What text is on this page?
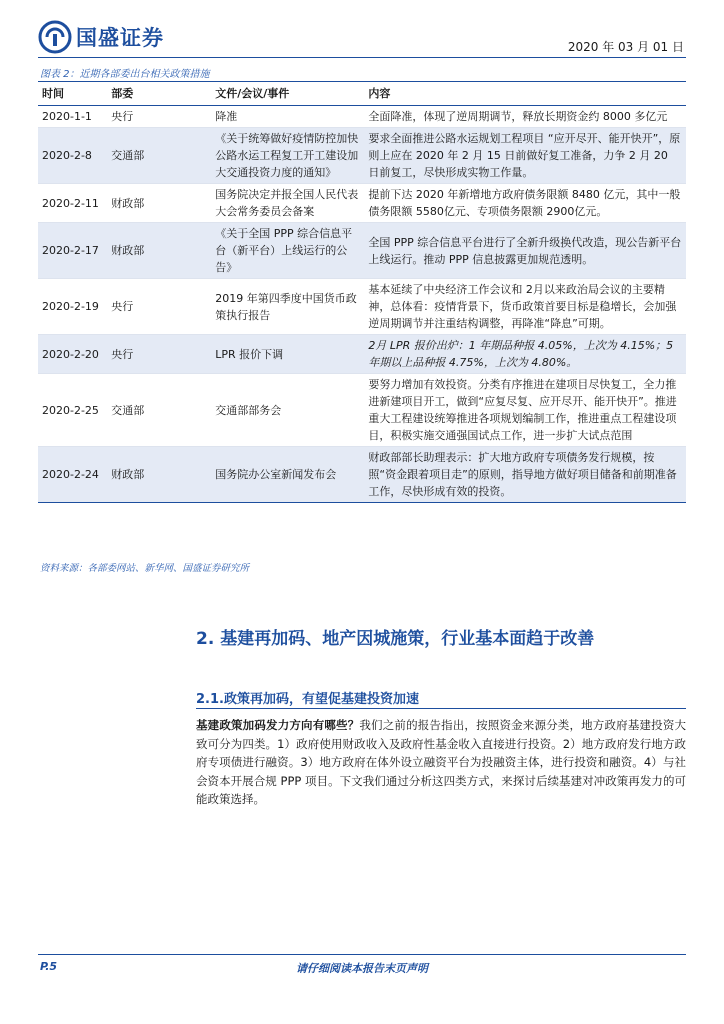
国盛证券	2020 年 03 月 01 日
图表 2：近期各部委出台相关政策措施
时间	部委	文件/会议/事件	内容
2020-1-1	央行	降准	全面降准，体现了逆周期调节，释放长期资金约 8000 多亿元
2020-2-8	交通部	《关于统筹做好疫情防控加快公路水运工程复工开工建设加大交通投资力度的通知》	要求全面推进公路水运规划工程项目 “应开尽开、能开快开”，原则上应在 2020 年 2 月 15 日前做好复工准备，力争 2 月 20 日前复工，尽快形成实物工作量。
2020-2-11	财政部	国务院决定并报全国人民代表大会常务委员会备案	提前下达 2020 年新增地方政府债务限额 8480 亿元，其中一般债务限额 5580亿元、专项债务限额 2900亿元。
2020-2-17	财政部	《关于全国 PPP 综合信息平台（新平台）上线运行的公告》	全国 PPP 综合信息平台进行了全新升级换代改造，现公告新平台上线运行。推动 PPP 信息披露更加规范透明。
2020-2-19	央行	2019 年第四季度中国货币政策执行报告	基本延续了中央经济工作会议和 2月以来政治局会议的主要精神，总体看：疫情背景下，货币政策首要目标是稳增长，会加强逆周期调节并注重结构调整，再降准“降息”可期。
2020-2-20	央行	LPR 报价下调	2月 LPR 报价出炉：1 年期品种报 4.05%，上次为 4.15%；5 年期以上品种报 4.75%，上次为 4.80%。
2020-2-25	交通部	交通部部务会	要努力增加有效投资。分类有序推进在建项目尽快复工，全力推进新建项目开工，做到“应复尽复、应开尽开、能开快开”。推进重大工程建设统筹推进各项规划编制工作，推进重点工程建设项目，积极实施交通强国试点工作，进一步扩大试点范围
2020-2-24	财政部	国务院办公室新闻发布会	财政部部长助理表示：扩大地方政府专项债务发行规模，按照“资金跟着项目走”的原则，指导地方做好项目储备和前期准备工作，尽快形成有效的投资。
资料来源：各部委网站、新华网、国盛证券研究所
2. 基建再加码、地产因城施策，行业基本面趋于改善
2.1.政策再加码，有望促基建投资加速
基建政策加码发力方向有哪些？我们之前的报告指出，按照资金来源分类，地方政府基建投资大致可分为四类。1）政府使用财政收入及政府性基金收入直接进行投资。2）地方政府发行地方政府专项债进行融资。3）地方政府在体外设立融资平台为投融资主体，进行投资和融资。4）与社会资本开展合规 PPP 项目。下文我们通过分析这四类方式，来探讨后续基建对冲政策再发力的可能政策选择。
P.5	请仔细阅读本报告末页声明
